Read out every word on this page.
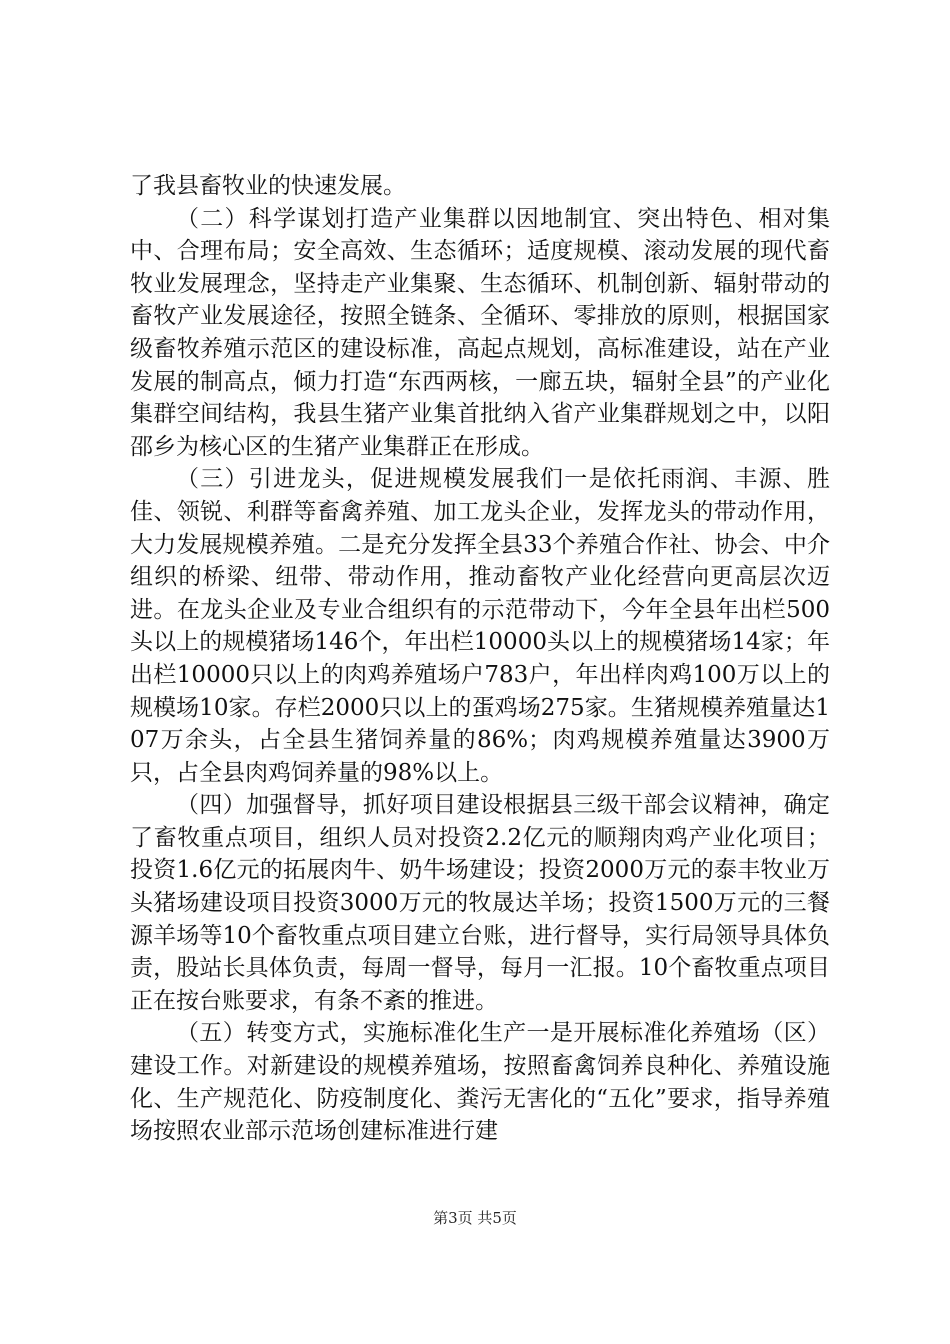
了我县畜牧业的快速发展。

（二）科学谋划打造产业集群以因地制宜、突出特色、相对集中、合理布局；安全高效、生态循环；适度规模、滚动发展的现代畜牧业发展理念，坚持走产业集聚、生态循环、机制创新、辐射带动的畜牧产业发展途径，按照全链条、全循环、零排放的原则，根据国家级畜牧养殖示范区的建设标准，高起点规划，高标准建设，站在产业发展的制高点，倾力打造“东西两核，一廊五块，辐射全县”的产业化集群空间结构，我县生猪产业集首批纳入省产业集群规划之中，以阳邵乡为核心区的生猪产业集群正在形成。

（三）引进龙头，促进规模发展我们一是依托雨润、丰源、胜佳、领锐、利群等畜禽养殖、加工龙头企业，发挥龙头的带动作用，大力发展规模养殖。二是充分发挥全县33个养殖合作社、协会、中介组织的桥梁、纽带、带动作用，推动畜牧产业化经营向更高层次迈进。在龙头企业及专业合组织有的示范带动下，今年全县年出栏500头以上的规模猪场146个，年出栏10000头以上的规模猪场14家；年出栏10000只以上的肉鸡养殖场户783户，年出样肉鸡100万以上的规模场10家。存栏2000只以上的蛋鸡场275家。生猪规模养殖量达107万余头，占全县生猪饲养量的86%；肉鸡规模养殖量达3900万只，占全县肉鸡饲养量的98%以上。

（四）加强督导，抓好项目建设根据县三级干部会议精神，确定了畜牧重点项目，组织人员对投资2.2亿元的顺翔肉鸡产业化项目；投资1.6亿元的拓展肉牛、奶牛场建设；投资2000万元的泰丰牧业万头猪场建设项目投资3000万元的牧晟达羊场；投资1500万元的三餐源羊场等10个畜牧重点项目建立台账，进行督导，实行局领导具体负责，股站长具体负责，每周一督导，每月一汇报。10个畜牧重点项目正在按台账要求，有条不紊的推进。

（五）转变方式，实施标准化生产一是开展标准化养殖场（区）建设工作。对新建设的规模养殖场，按照畜禽饲养良种化、养殖设施化、生产规范化、防疫制度化、粪污无害化的“五化”要求，指导养殖场按照农业部示范场创建标准进行建

第3页 共5页
